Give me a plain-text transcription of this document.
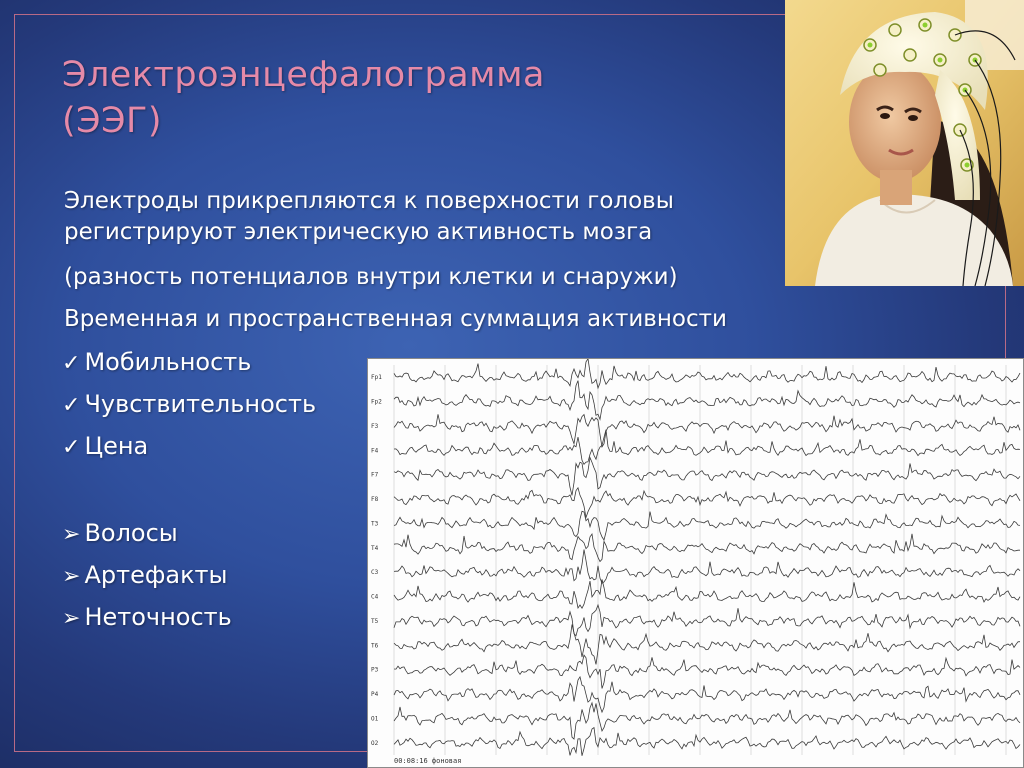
Электроэнцефалограмма
(ЭЭГ)
Электроды прикрепляются к поверхности головы регистрируют электрическую активность мозга
(разность потенциалов внутри клетки и снаружи)
Временная и пространственная суммация активности
✓ Мобильность
✓ Чувствительность
✓ Цена
➢ Волосы
➢ Артефакты
➢ Неточность
Fp1
Fp2
F3
F4
F7
F8
T3
T4
C3
C4
T5
T6
P3
P4
O1
O2
00:08:16 фоновая
